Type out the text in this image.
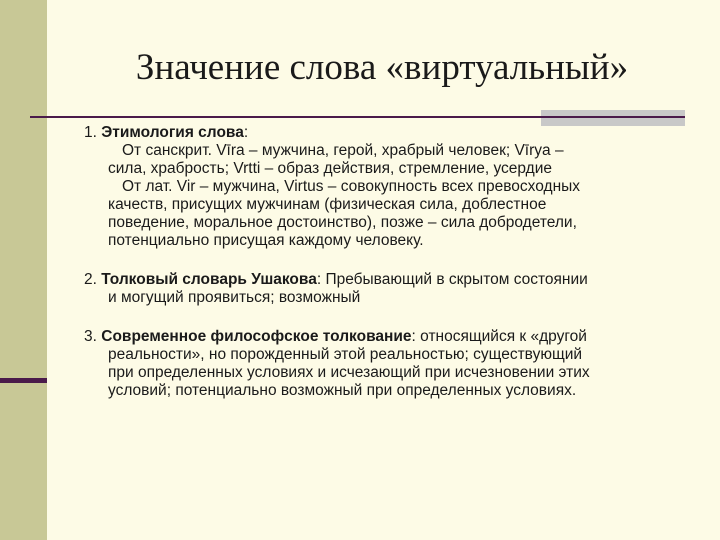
Значение слова «виртуальный»

1. Этимология слова:

От санскрит. Vīra – мужчина, герой, храбрый человек; Vīrya –

сила, храбрость; Vrtti – образ действия, стремление, усердие

От лат. Vir – мужчина, Virtus – совокупность всех превосходных

качеств, присущих мужчинам (физическая сила, доблестное

поведение, моральное достоинство), позже – сила добродетели,

потенциально присущая каждому человеку.

2. Толковый словарь Ушакова: Пребывающий в скрытом состоянии

и могущий проявиться; возможный

3. Современное философское толкование: относящийся к «другой

реальности», но порожденный этой реальностью; существующий

при определенных условиях и исчезающий при исчезновении этих

условий; потенциально возможный при определенных условиях.
